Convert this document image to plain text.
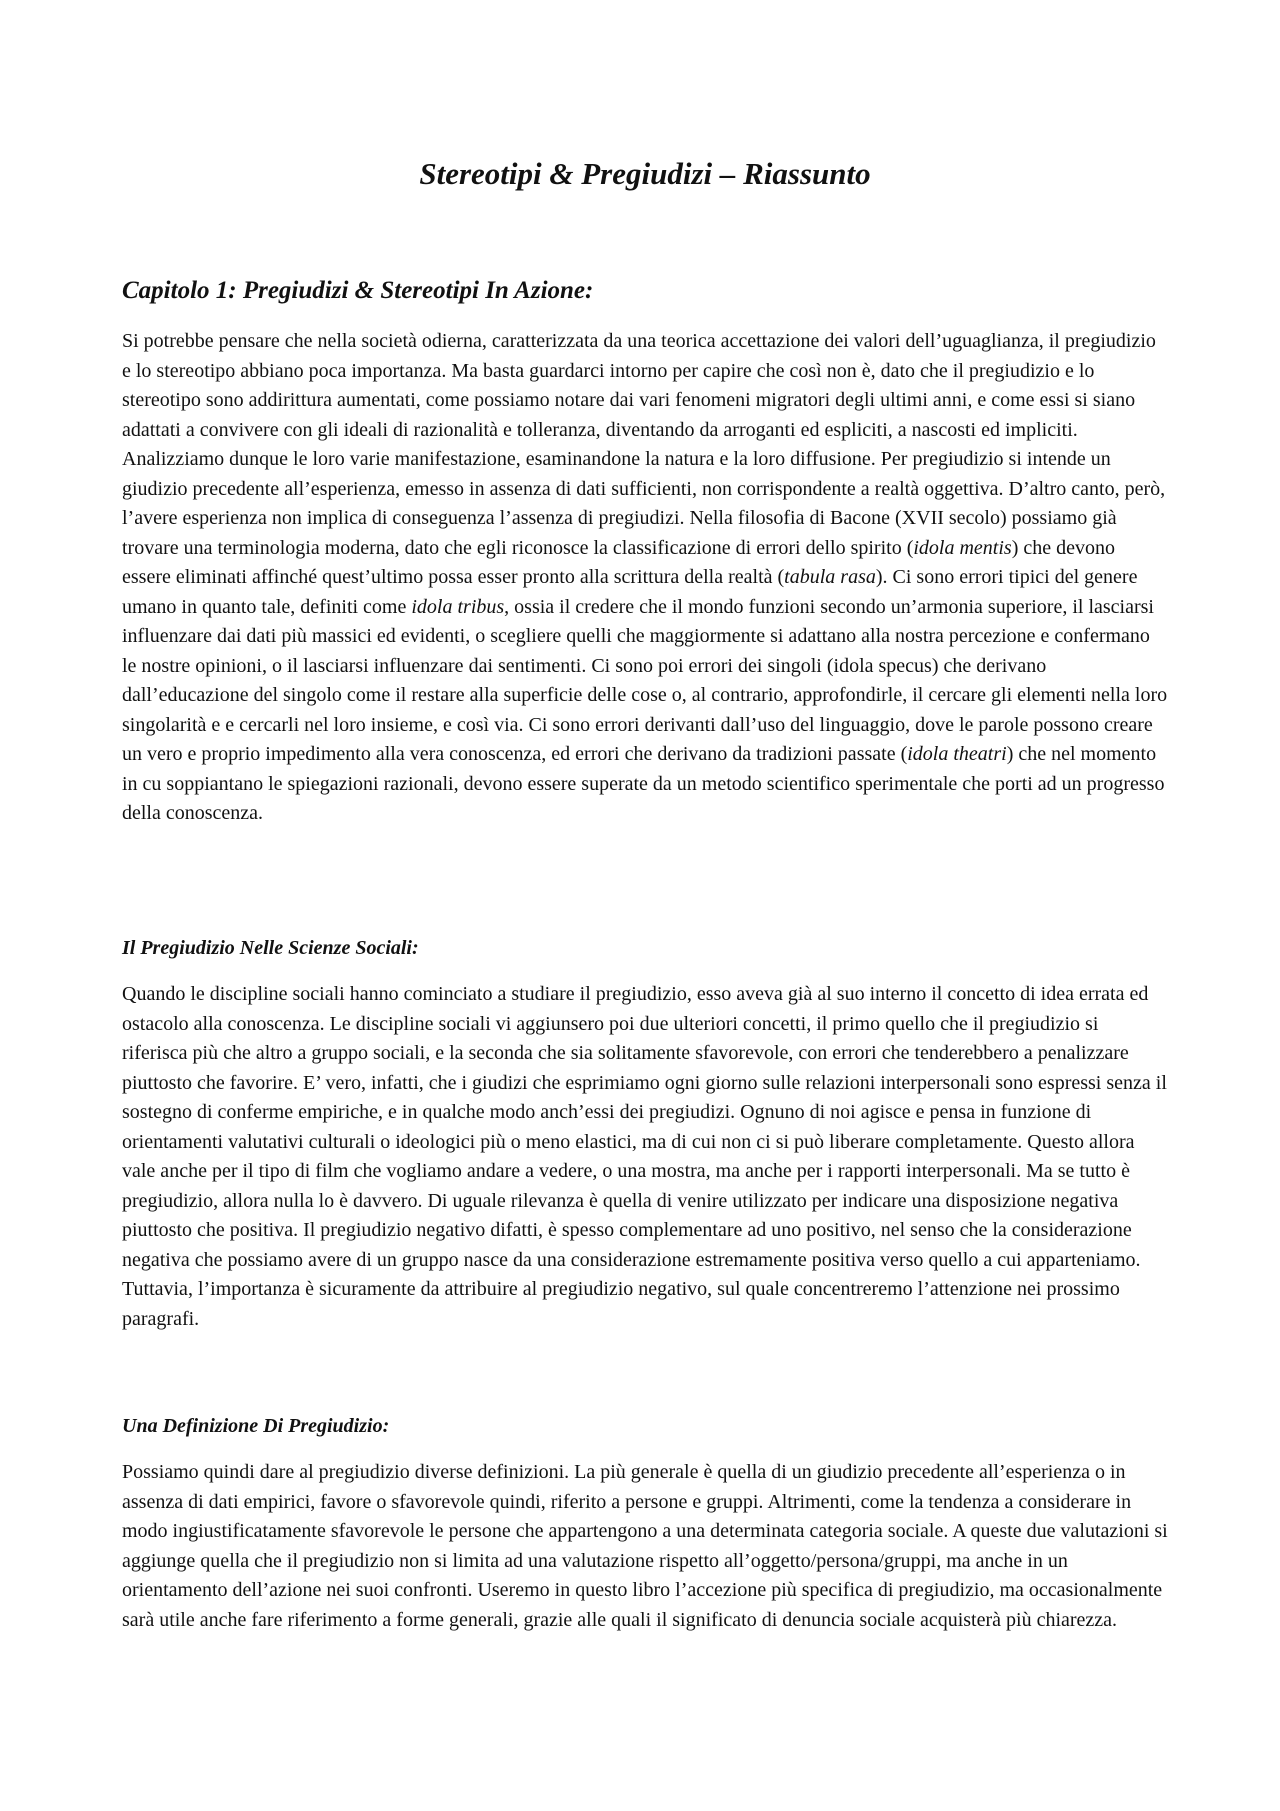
Stereotipi & Pregiudizi – Riassunto
Capitolo 1: Pregiudizi & Stereotipi In Azione:

Si potrebbe pensare che nella società odierna, caratterizzata da una teorica accettazione dei valori dell’uguaglianza, il pregiudizio e lo stereotipo abbiano poca importanza. Ma basta guardarci intorno per capire che così non è, dato che il pregiudizio e lo stereotipo sono addirittura aumentati, come possiamo notare dai vari fenomeni migratori degli ultimi anni, e come essi si siano adattati a convivere con gli ideali di razionalità e tolleranza, diventando da arroganti ed espliciti, a nascosti ed impliciti. Analizziamo dunque le loro varie manifestazione, esaminandone la natura e la loro diffusione. Per pregiudizio si intende un giudizio precedente all’esperienza, emesso in assenza di dati sufficienti, non corrispondente a realtà oggettiva. D’altro canto, però, l’avere esperienza non implica di conseguenza l’assenza di pregiudizi. Nella filosofia di Bacone (XVII secolo) possiamo già trovare una terminologia moderna, dato che egli riconosce la classificazione di errori dello spirito (idola mentis) che devono essere eliminati affinché quest’ultimo possa esser pronto alla scrittura della realtà (tabula rasa). Ci sono errori tipici del genere umano in quanto tale, definiti come idola tribus, ossia il credere che il mondo funzioni secondo un’armonia superiore, il lasciarsi influenzare dai dati più massici ed evidenti, o scegliere quelli che maggiormente si adattano alla nostra percezione e confermano le nostre opinioni, o il lasciarsi influenzare dai sentimenti. Ci sono poi errori dei singoli (idola specus) che derivano dall’educazione del singolo come il restare alla superficie delle cose o, al contrario, approfondirle, il cercare gli elementi nella loro singolarità e e cercarli nel loro insieme, e così via. Ci sono errori derivanti dall’uso del linguaggio, dove le parole possono creare un vero e proprio impedimento alla vera conoscenza, ed errori che derivano da tradizioni passate (idola theatri) che nel momento in cu soppiantano le spiegazioni razionali, devono essere superate da un metodo scientifico sperimentale che porti ad un progresso della conoscenza.

Il Pregiudizio Nelle Scienze Sociali:

Quando le discipline sociali hanno cominciato a studiare il pregiudizio, esso aveva già al suo interno il concetto di idea errata ed ostacolo alla conoscenza. Le discipline sociali vi aggiunsero poi due ulteriori concetti, il primo quello che il pregiudizio si riferisca più che altro a gruppo sociali, e la seconda che sia solitamente sfavorevole, con errori che tenderebbero a penalizzare piuttosto che favorire. E’ vero, infatti, che i giudizi che esprimiamo ogni giorno sulle relazioni interpersonali sono espressi senza il sostegno di conferme empiriche, e in qualche modo anch’essi dei pregiudizi. Ognuno di noi agisce e pensa in funzione di orientamenti valutativi culturali o ideologici più o meno elastici, ma di cui non ci si può liberare completamente. Questo allora vale anche per il tipo di film che vogliamo andare a vedere, o una mostra, ma anche per i rapporti interpersonali. Ma se tutto è pregiudizio, allora nulla lo è davvero. Di uguale rilevanza è quella di venire utilizzato per indicare una disposizione negativa piuttosto che positiva. Il pregiudizio negativo difatti, è spesso complementare ad uno positivo, nel senso che la considerazione negativa che possiamo avere di un gruppo nasce da una considerazione estremamente positiva verso quello a cui apparteniamo. Tuttavia, l’importanza è sicuramente da attribuire al pregiudizio negativo, sul quale concentreremo l’attenzione nei prossimo paragrafi.

Una Definizione Di Pregiudizio:

Possiamo quindi dare al pregiudizio diverse definizioni. La più generale è quella di un giudizio precedente all’esperienza o in assenza di dati empirici, favore o sfavorevole quindi, riferito a persone e gruppi. Altrimenti, come la tendenza a considerare in modo ingiustificatamente sfavorevole le persone che appartengono a una determinata categoria sociale. A queste due valutazioni si aggiunge quella che il pregiudizio non si limita ad una valutazione rispetto all’oggetto/persona/gruppi, ma anche in un orientamento dell’azione nei suoi confronti. Useremo in questo libro l’accezione più specifica di pregiudizio, ma occasionalmente sarà utile anche fare riferimento a forme generali, grazie alle quali il significato di denuncia sociale acquisterà più chiarezza.
